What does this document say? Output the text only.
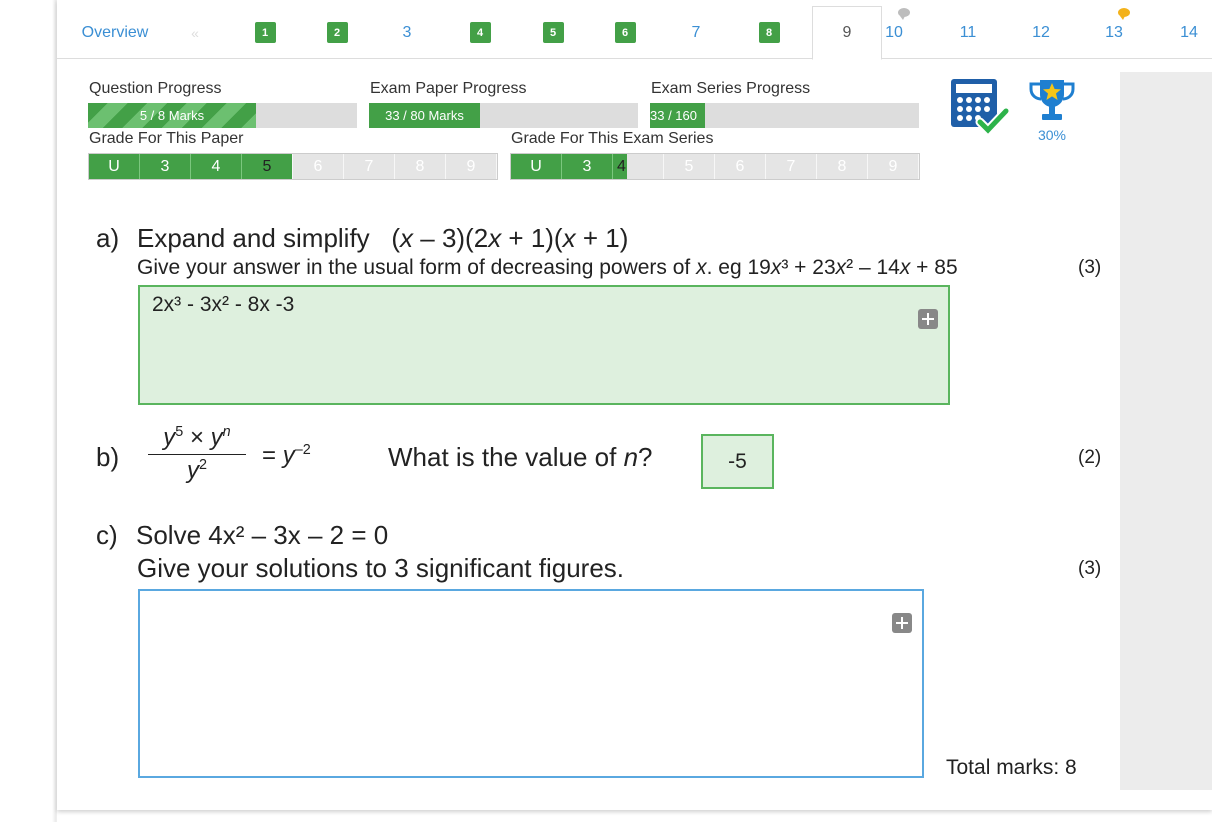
Overview	«	1	2	3	4	5	6	7	8	9 10	11	12	13	14
Question Progress
5 / 8 Marks
Exam Paper Progress
33 / 80 Marks
Exam Series Progress
33 / 160
Grade For This Paper
U	3	4	5	6	7	8	9
Grade For This Exam Series
U	3	4	5	6	7	8	9
30%
a) Expand and simplify (x – 3)(2x + 1)(x + 1)
Give your answer in the usual form of decreasing powers of x. eg 19x³ + 23x² – 14x + 85	(3)
2x³ - 3x² - 8x -3
$b) \frac{y^5 \times y^n}{y^2} = y^{-2}$	What is the value of n?	-5	(2)
c) Solve 4x² – 3x – 2 = 0
Give your solutions to 3 significant figures.	(3)
Total marks: 8
